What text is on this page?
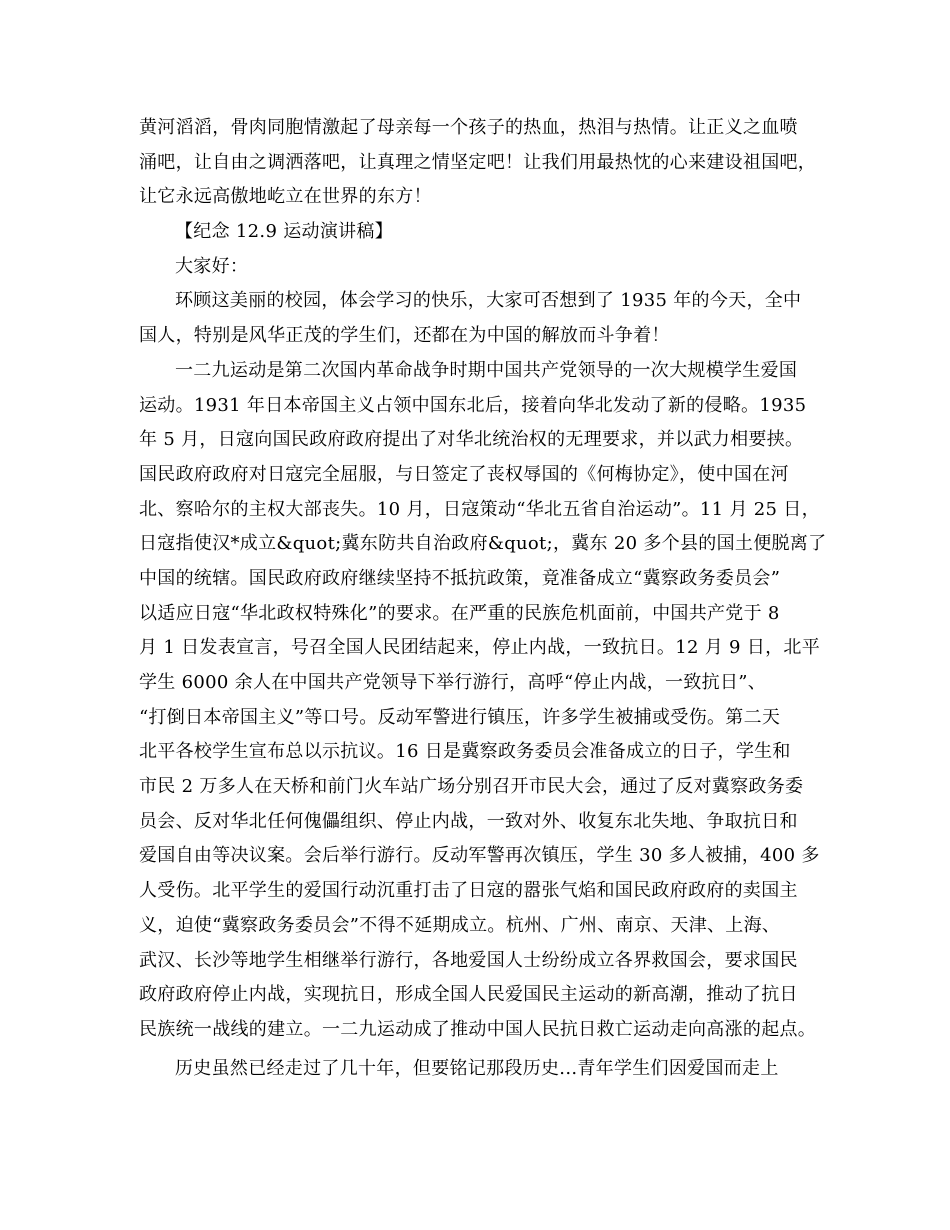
黄河滔滔，骨肉同胞情激起了母亲每一个孩子的热血，热泪与热情。让正义之血喷
涌吧，让自由之调洒落吧，让真理之情坚定吧！让我们用最热忱的心来建设祖国吧，
让它永远高傲地屹立在世界的东方！
【纪念 12.9 运动演讲稿】
大家好：
环顾这美丽的校园，体会学习的快乐，大家可否想到了 1935 年的今天，全中
国人，特别是风华正茂的学生们，还都在为中国的解放而斗争着！
一二九运动是第二次国内革命战争时期中国共产党领导的一次大规模学生爱国
运动。1931 年日本帝国主义占领中国东北后，接着向华北发动了新的侵略。1935
年 5 月，日寇向国民政府政府提出了对华北统治权的无理要求，并以武力相要挟。
国民政府政府对日寇完全屈服，与日签定了丧权辱国的《何梅协定》，使中国在河
北、察哈尔的主权大部丧失。10 月，日寇策动“华北五省自治运动”。11 月 25 日，
日寇指使汉*成立&quot;冀东防共自治政府&quot;，冀东 20 多个县的国土便脱离了
中国的统辖。国民政府政府继续坚持不抵抗政策，竟准备成立“冀察政务委员会”
以适应日寇“华北政权特殊化”的要求。在严重的民族危机面前，中国共产党于 8
月 1 日发表宣言，号召全国人民团结起来，停止内战，一致抗日。12 月 9 日，北平
学生 6000 余人在中国共产党领导下举行游行，高呼“停止内战，一致抗日”、
“打倒日本帝国主义”等口号。反动军警进行镇压，许多学生被捕或受伤。第二天
北平各校学生宣布总以示抗议。16 日是冀察政务委员会准备成立的日子，学生和
市民 2 万多人在天桥和前门火车站广场分别召开市民大会，通过了反对冀察政务委
员会、反对华北任何傀儡组织、停止内战，一致对外、收复东北失地、争取抗日和
爱国自由等决议案。会后举行游行。反动军警再次镇压，学生 30 多人被捕，400 多
人受伤。北平学生的爱国行动沉重打击了日寇的嚣张气焰和国民政府政府的卖国主
义，迫使“冀察政务委员会”不得不延期成立。杭州、广州、南京、天津、上海、
武汉、长沙等地学生相继举行游行，各地爱国人士纷纷成立各界救国会，要求国民
政府政府停止内战，实现抗日，形成全国人民爱国民主运动的新高潮，推动了抗日
民族统一战线的建立。一二九运动成了推动中国人民抗日救亡运动走向高涨的起点。
历史虽然已经走过了几十年，但要铭记那段历史...青年学生们因爱国而走上
